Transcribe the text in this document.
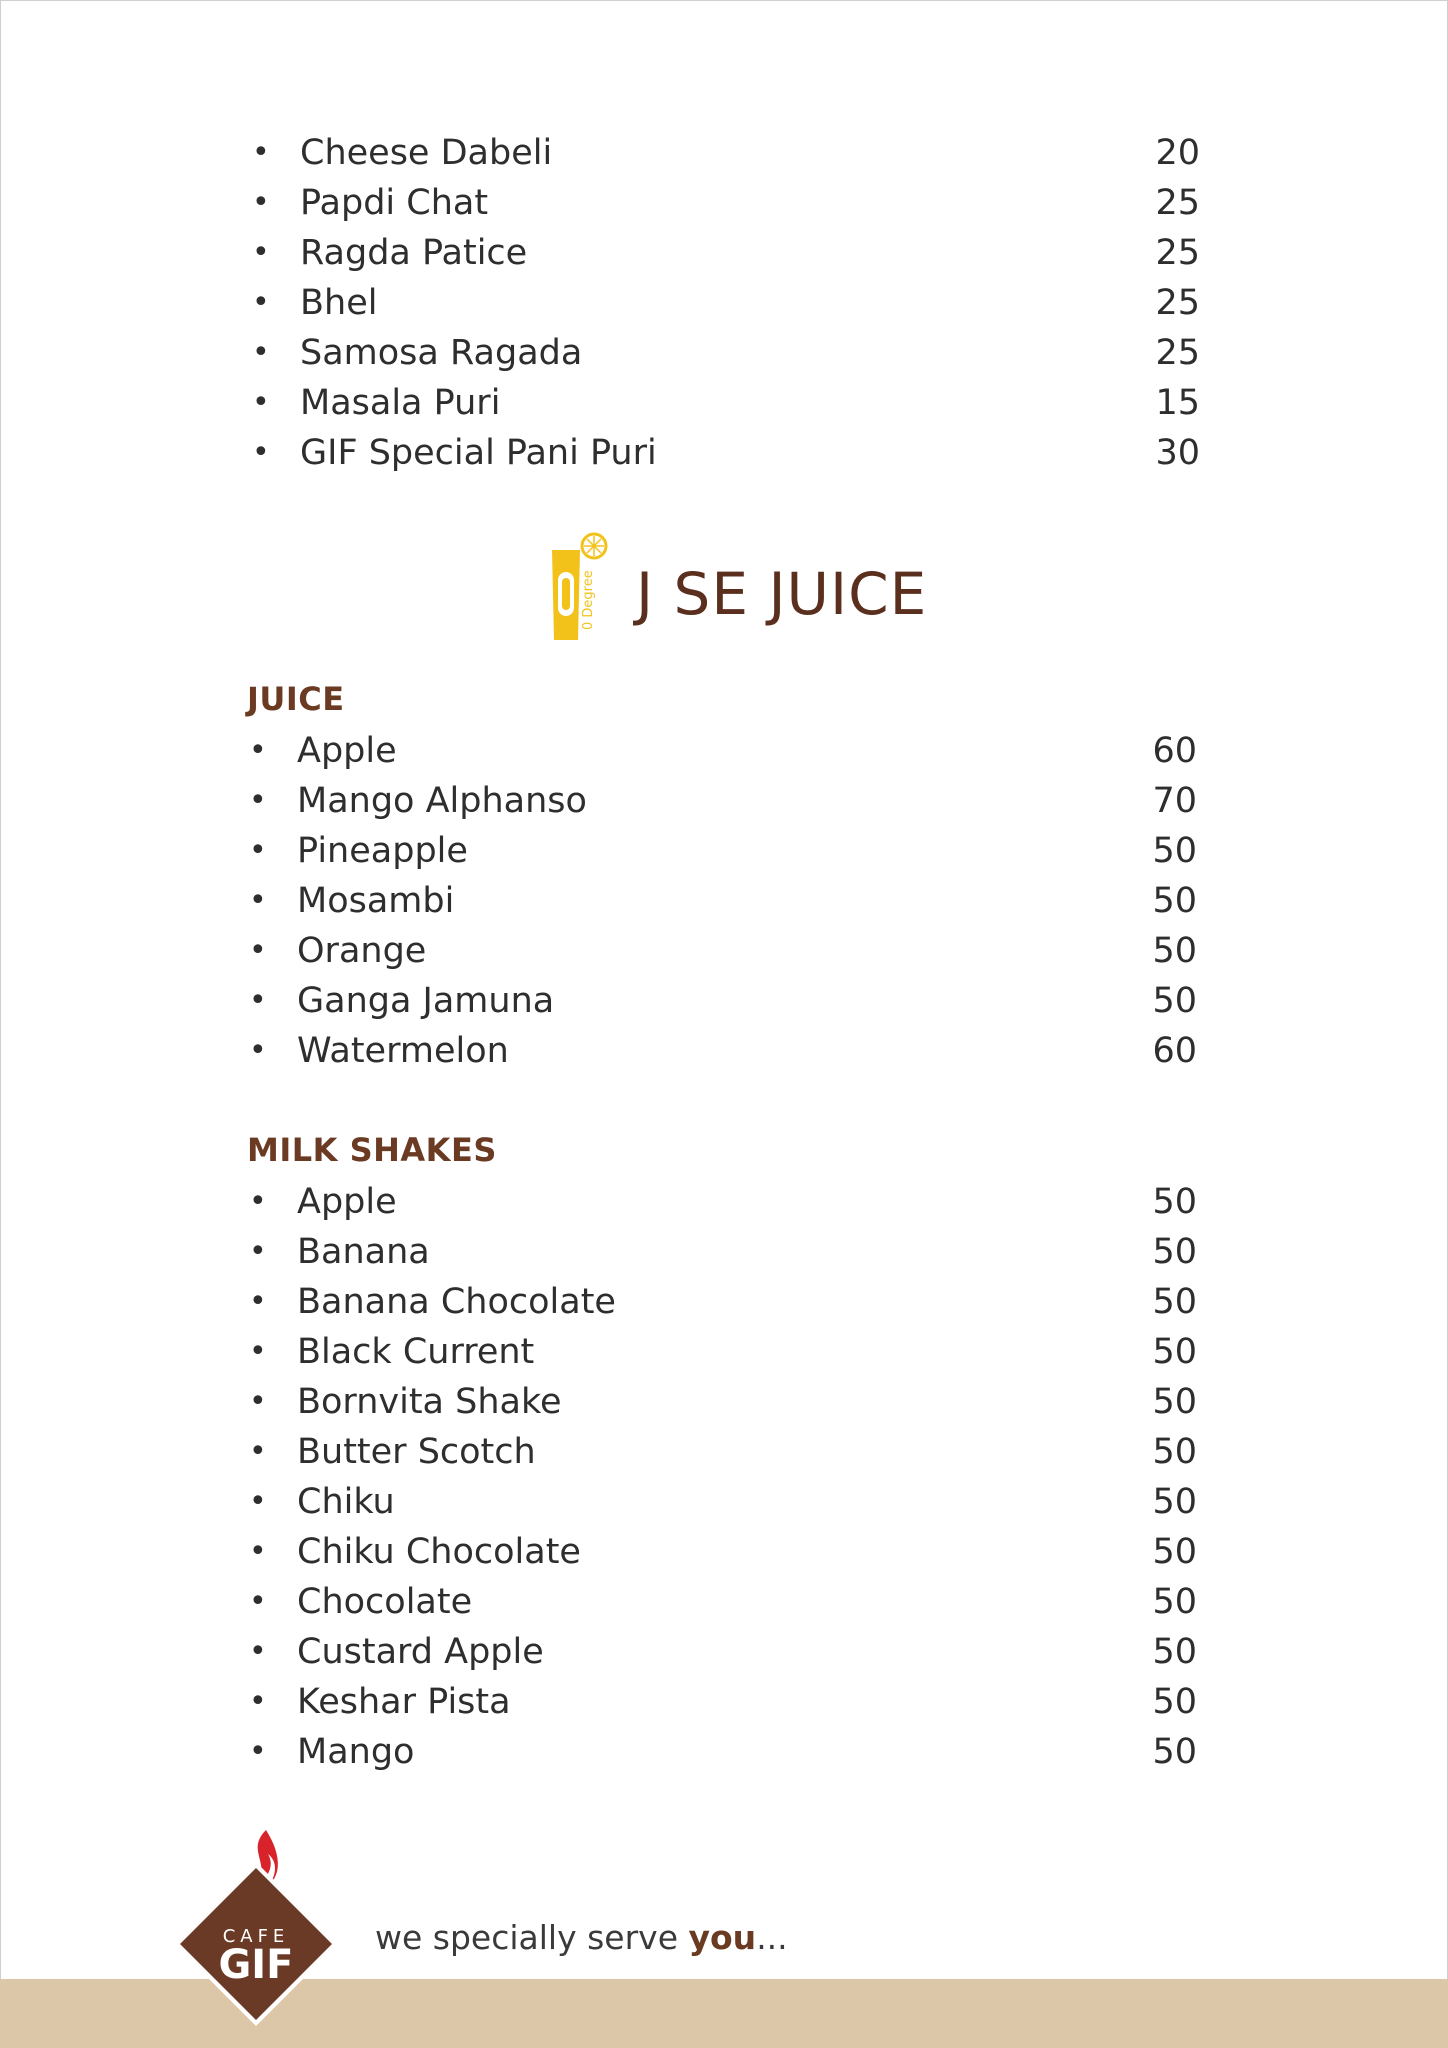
• Cheese Dabeli	20
• Papdi Chat	25
• Ragda Patice	25
• Bhel	25
• Samosa Ragada	25
• Masala Puri	15
• GIF Special Pani Puri	30
0 Degree J SE JUICE
JUICE
• Apple	60
• Mango Alphanso	70
• Pineapple	50
• Mosambi	50
• Orange	50
• Ganga Jamuna	50
• Watermelon	60
MILK SHAKES
• Apple	50
• Banana	50
• Banana Chocolate	50
• Black Current	50
• Bornvita Shake	50
• Butter Scotch	50
• Chiku	50
• Chiku Chocolate	50
• Chocolate	50
• Custard Apple	50
• Keshar Pista	50
• Mango	50
CAFE
GIF
we specially serve you...
